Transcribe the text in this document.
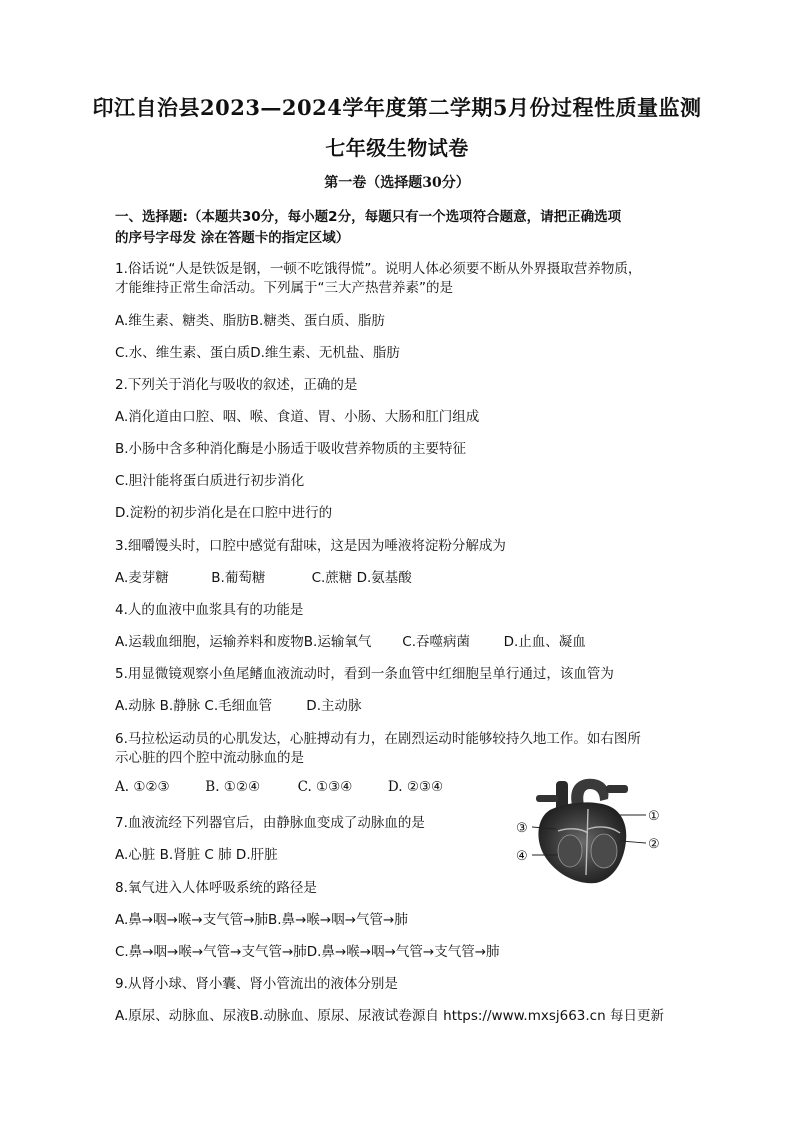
印江自治县2023—2024学年度第二学期5月份过程性质量监测
七年级生物试卷
第一卷（选择题30分）
一、选择题:（本题共30分，每小题2分，每题只有一个选项符合题意，请把正确选项
的序号字母发 涂在答题卡的指定区域）
1.俗话说“人是铁饭是钢，一顿不吃饿得慌”。说明人体必须要不断从外界摄取营养物质，
才能维持正常生命活动。下列属于“三大产热营养素”的是
A.维生素、糖类、脂肪B.糖类、蛋白质、脂肪
C.水、维生素、蛋白质D.维生素、无机盐、脂肪
2.下列关于消化与吸收的叙述，正确的是
A.消化道由口腔、咽、喉、食道、胃、小肠、大肠和肛门组成
B.小肠中含多种消化酶是小肠适于吸收营养物质的主要特征
C.胆汁能将蛋白质进行初步消化
D.淀粉的初步消化是在口腔中进行的
3.细嚼馒头时，口腔中感觉有甜味，这是因为唾液将淀粉分解成为
A.麦芽糖	B.葡萄糖	C.蔗糖 D.氨基酸
4.人的血液中血浆具有的功能是
A.运载血细胞，运输养料和废物B.运输氧气 C.吞噬病菌 D.止血、凝血
5.用显微镜观察小鱼尾鳍血液流动时，看到一条血管中红细胞呈单行通过，该血管为
A.动脉 B.静脉 C.毛细血管	D.主动脉
6.马拉松运动员的心肌发达，心脏搏动有力，在剧烈运动时能够较持久地工作。如右图所
示心脏的四个腔中流动脉血的是
A. ①②③	B. ①②④	C. ①③④	D. ②③④
7.血液流经下列器官后，由静脉血变成了动脉血的是
A.心脏 B.肾脏 C 肺 D.肝脏
8.氧气进入人体呼吸系统的路径是
A.鼻→咽→喉→支气管→肺B.鼻→喉→咽→气管→肺
C.鼻→咽→喉→气管→支气管→肺D.鼻→喉→咽→气管→支气管→肺
9.从肾小球、肾小囊、肾小管流出的液体分别是
A.原尿、动脉血、尿液B.动脉血、原尿、尿液试卷源自 https://www.mxsj663.cn 每日更新
①
②
③
④
